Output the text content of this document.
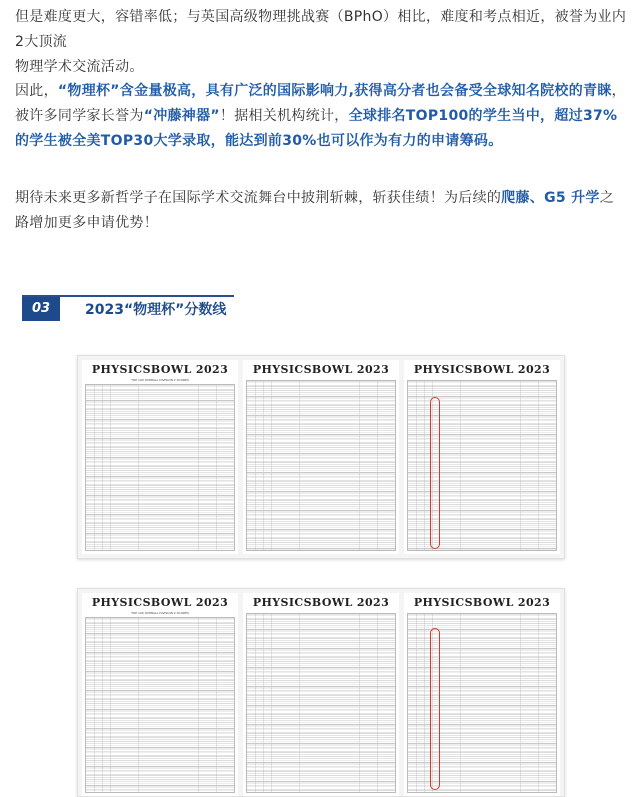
但是难度更大，容错率低；与英国高级物理挑战赛（BPhO）相比，难度和考点相近，被誉为业内2大顶流
物理学术交流活动。

因此，“物理杯”含金量极高，具有广泛的国际影响力,获得高分者也会备受全球知名院校的青睐，被许多同学家长誉为“冲藤神器”！据相关机构统计，全球排名TOP100的学生当中，超过37%的学生被全美TOP30大学录取，能达到前30%也可以作为有力的申请筹码。

期待未来更多新哲学子在国际学术交流舞台中披荆斩棘，斩获佳绩！为后续的爬藤、G5 升学之路增加更多申请优势！

03	2023“物理杯”分数线
PHYSICSBOWL 2023
TOP 100 OVERALL DIVISION 2 SCORES
PHYSICSBOWL 2023	PHYSICSBOWL 2023
PHYSICSBOWL 2023
TOP 100 OVERALL DIVISION 2 SCORES
PHYSICSBOWL 2023	PHYSICSBOWL 2023
